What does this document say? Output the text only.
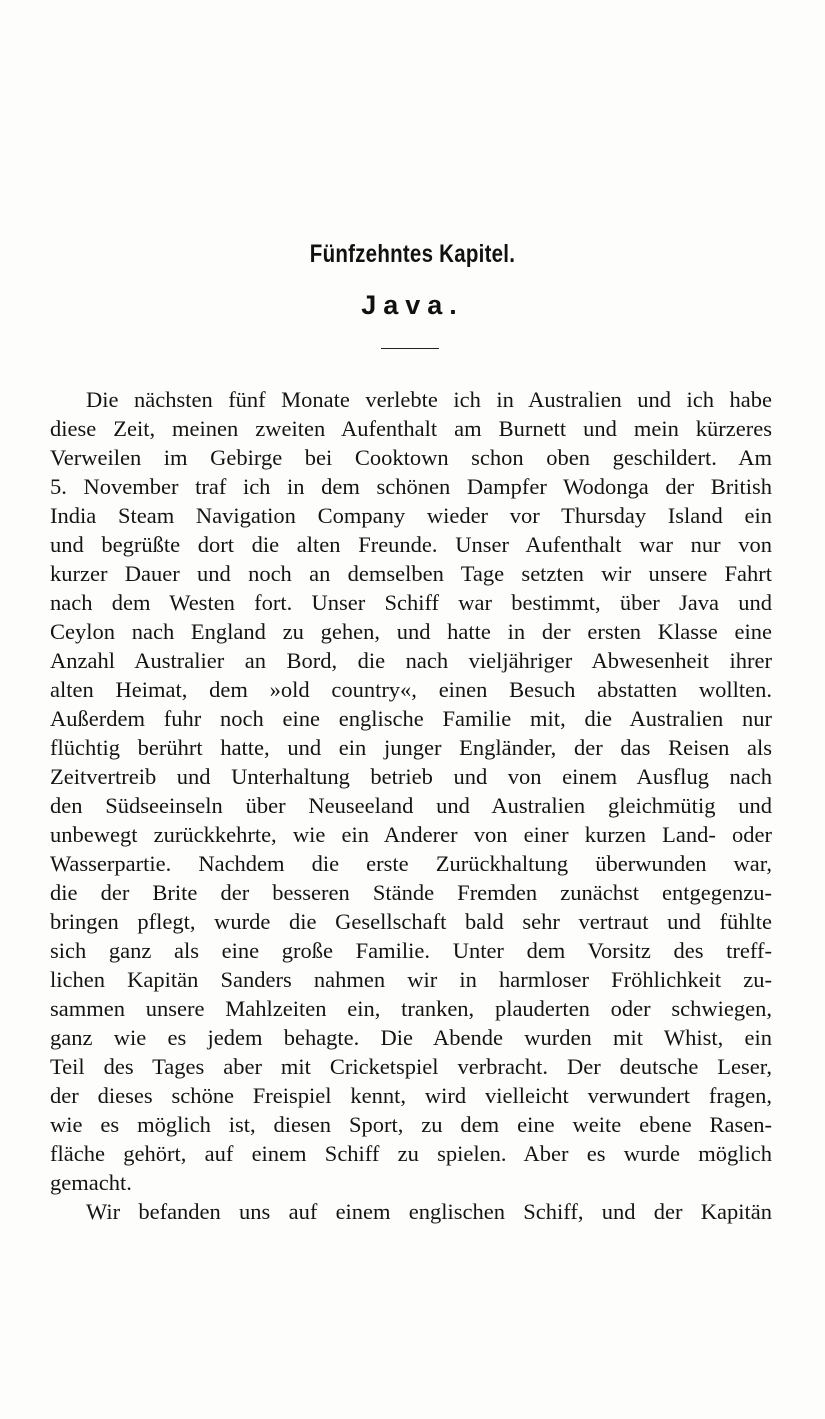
Fünfzehntes Kapitel.
Java.
Die nächsten fünf Monate verlebte ich in Australien und ich habe
diese Zeit, meinen zweiten Aufenthalt am Burnett und mein kürzeres
Verweilen im Gebirge bei Cooktown schon oben geschildert. Am
5. November traf ich in dem schönen Dampfer Wodonga der British
India Steam Navigation Company wieder vor Thursday Island ein
und begrüßte dort die alten Freunde. Unser Aufenthalt war nur von
kurzer Dauer und noch an demselben Tage setzten wir unsere Fahrt
nach dem Westen fort. Unser Schiff war bestimmt, über Java und
Ceylon nach England zu gehen, und hatte in der ersten Klasse eine
Anzahl Australier an Bord, die nach vieljähriger Abwesenheit ihrer
alten Heimat, dem »old country«, einen Besuch abstatten wollten.
Außerdem fuhr noch eine englische Familie mit, die Australien nur
flüchtig berührt hatte, und ein junger Engländer, der das Reisen als
Zeitvertreib und Unterhaltung betrieb und von einem Ausflug nach
den Südseeinseln über Neuseeland und Australien gleichmütig und
unbewegt zurückkehrte, wie ein Anderer von einer kurzen Land- oder
Wasserpartie. Nachdem die erste Zurückhaltung überwunden war,
die der Brite der besseren Stände Fremden zunächst entgegenzu-
bringen pflegt, wurde die Gesellschaft bald sehr vertraut und fühlte
sich ganz als eine große Familie. Unter dem Vorsitz des treff-
lichen Kapitän Sanders nahmen wir in harmloser Fröhlichkeit zu-
sammen unsere Mahlzeiten ein, tranken, plauderten oder schwiegen,
ganz wie es jedem behagte. Die Abende wurden mit Whist, ein
Teil des Tages aber mit Cricketspiel verbracht. Der deutsche Leser,
der dieses schöne Freispiel kennt, wird vielleicht verwundert fragen,
wie es möglich ist, diesen Sport, zu dem eine weite ebene Rasen-
fläche gehört, auf einem Schiff zu spielen. Aber es wurde möglich
gemacht.
Wir befanden uns auf einem englischen Schiff, und der Kapitän
